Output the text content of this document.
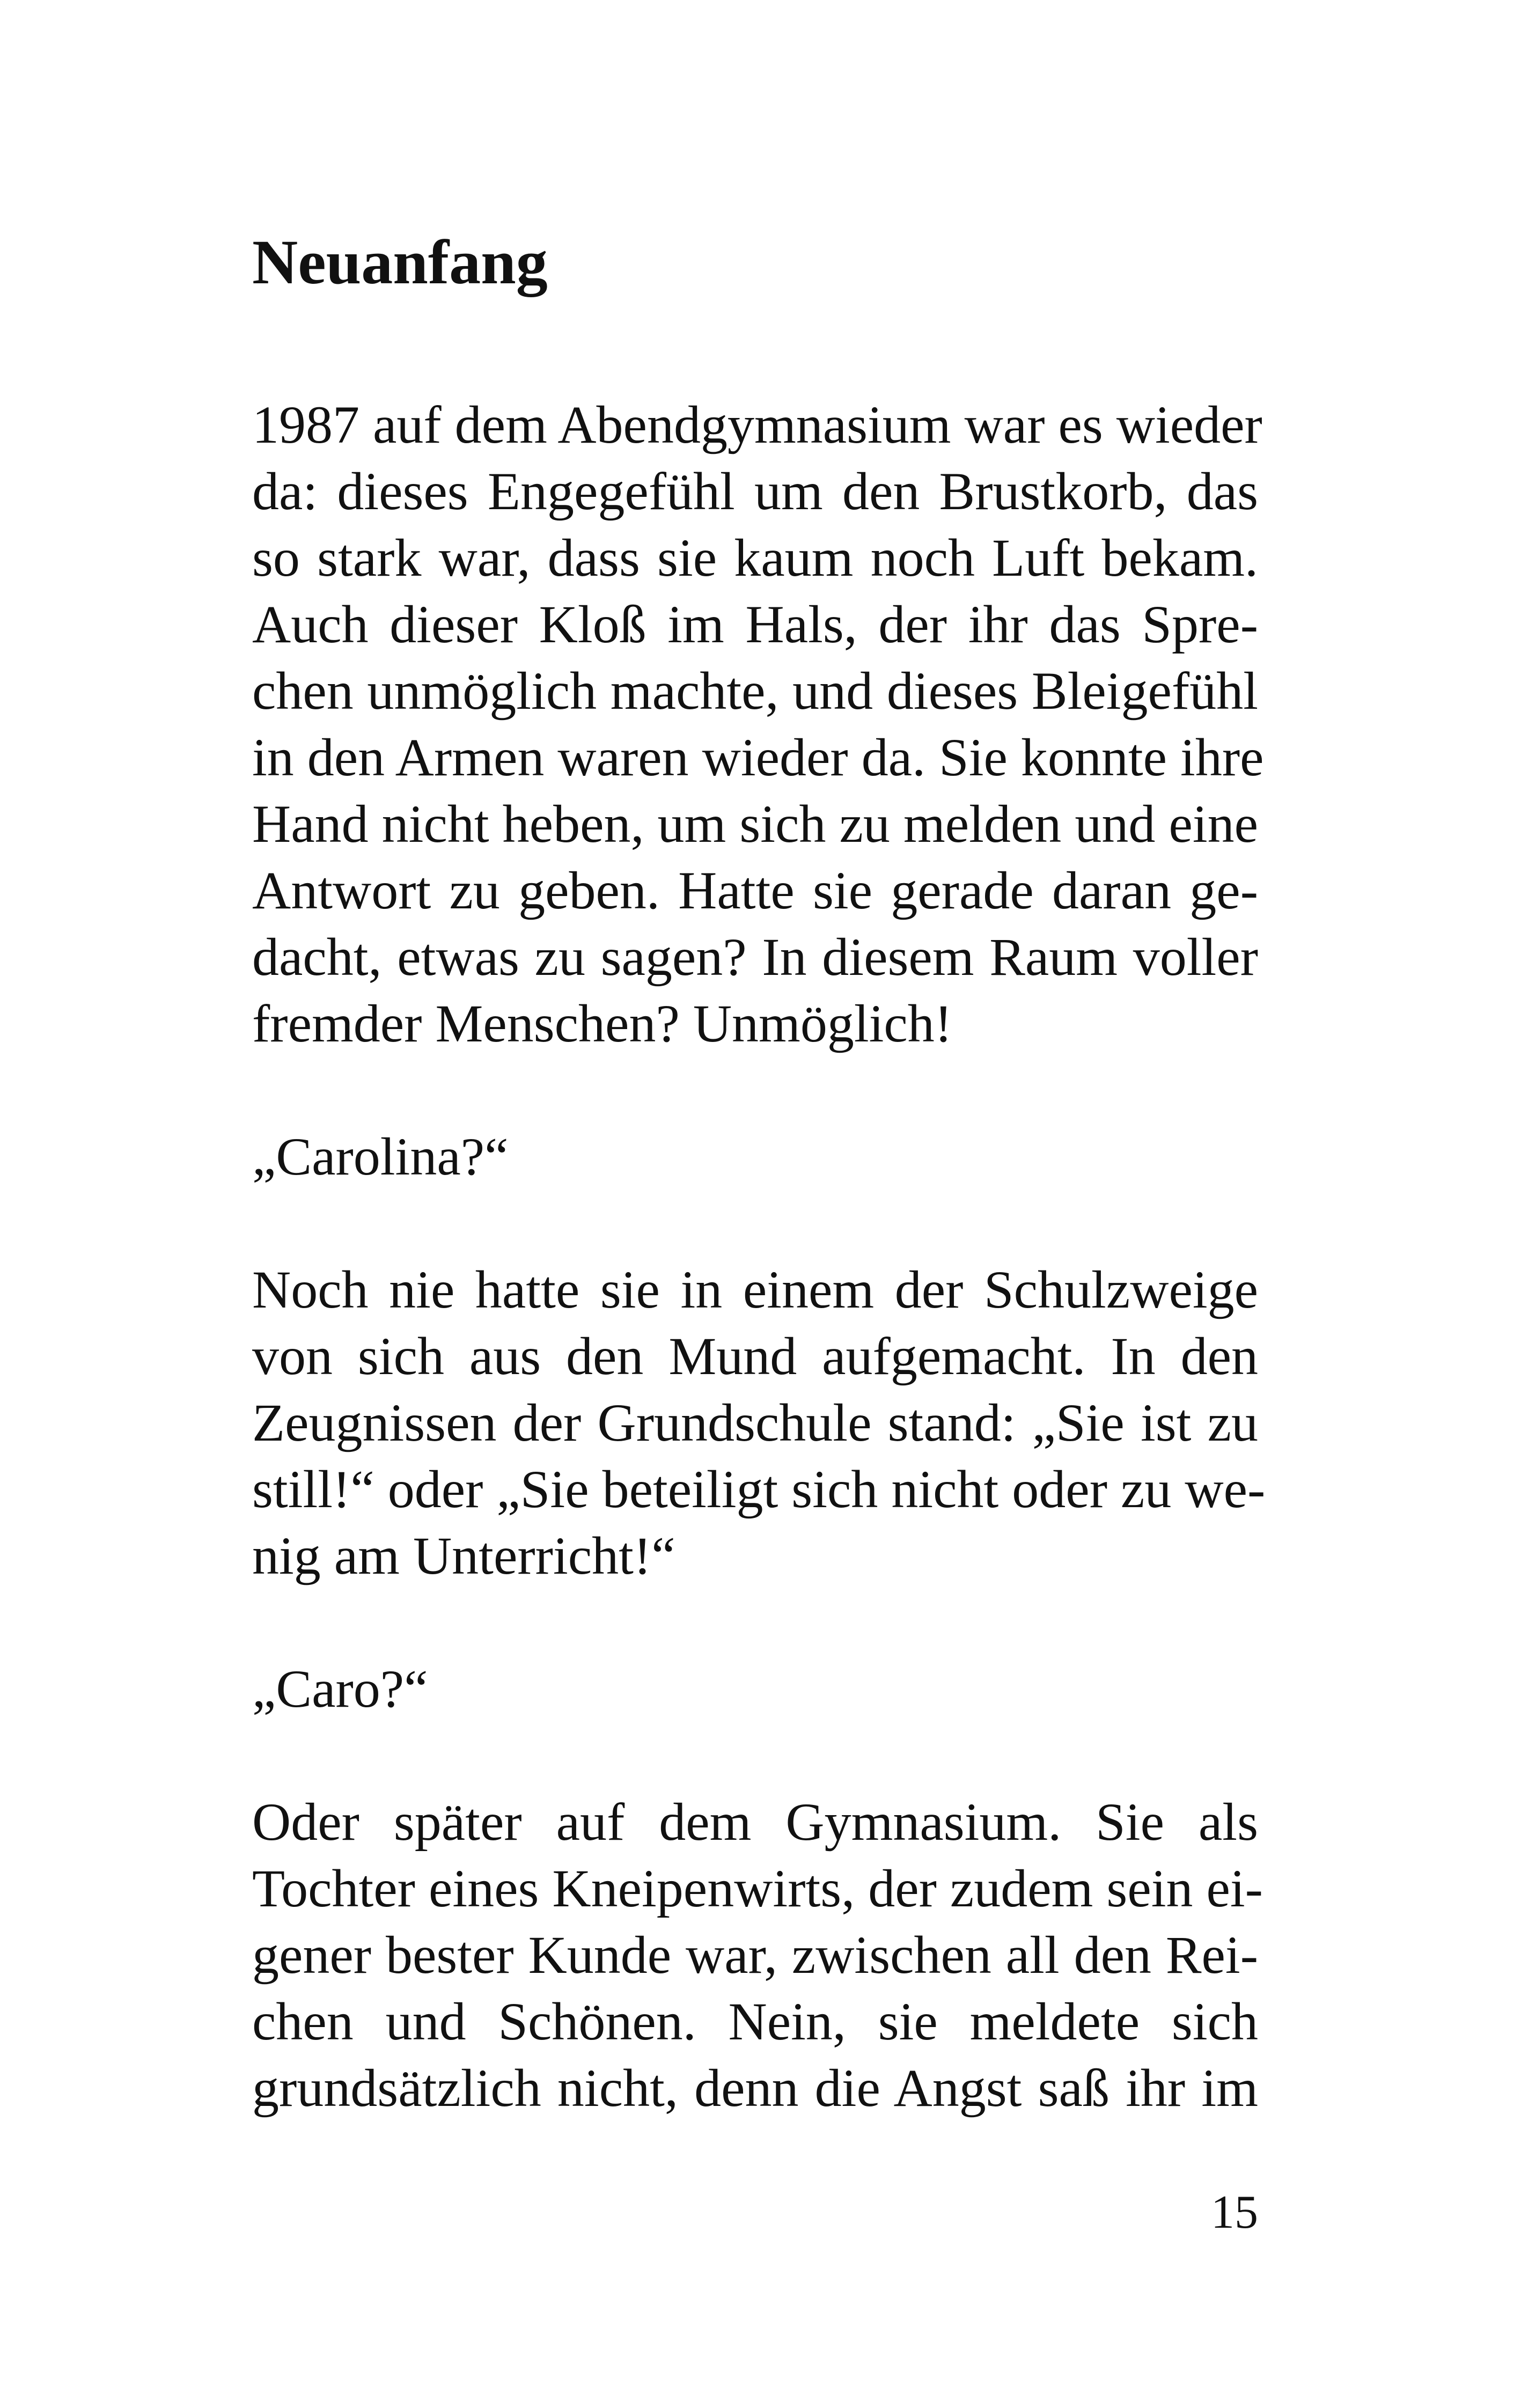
Neuanfang

1987 auf dem Abendgymnasium war es wieder
da: dieses Engegefühl um den Brustkorb, das
so stark war, dass sie kaum noch Luft bekam.
Auch dieser Kloß im Hals, der ihr das Spre-
chen unmöglich machte, und dieses Bleigefühl
in den Armen waren wieder da. Sie konnte ihre
Hand nicht heben, um sich zu melden und eine
Antwort zu geben. Hatte sie gerade daran ge-
dacht, etwas zu sagen? In diesem Raum voller
fremder Menschen? Unmöglich!

„Carolina?“

Noch nie hatte sie in einem der Schulzweige
von sich aus den Mund aufgemacht. In den
Zeugnissen der Grundschule stand: „Sie ist zu
still!“ oder „Sie beteiligt sich nicht oder zu we-
nig am Unterricht!“

„Caro?“

Oder später auf dem Gymnasium. Sie als
Tochter eines Kneipenwirts, der zudem sein ei-
gener bester Kunde war, zwischen all den Rei-
chen und Schönen. Nein, sie meldete sich
grundsätzlich nicht, denn die Angst saß ihr im

15
